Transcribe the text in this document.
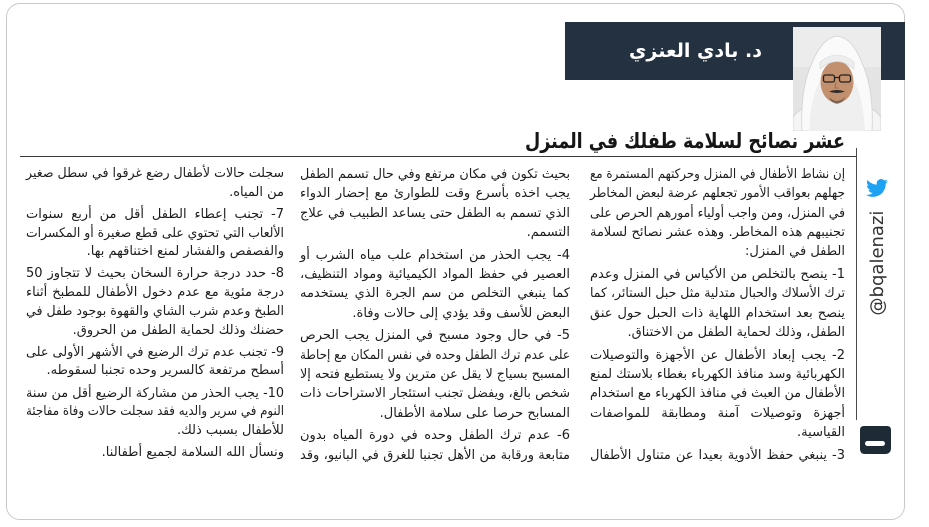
د. بادي العنزي
عشر نصائح لسلامة طفلك في المنزل
@bqalenazi
إن نشاط الأطفال في المنزل وحركتهم المستمرة مع
جهلهم بعواقب الأمور تجعلهم عرضة لبعض المخاطر
في المنزل، ومن واجب أولياء أمورهم الحرص على
تجنيبهم هذه المخاطر. وهذه عشر نصائح لسلامة
الطفل في المنزل:
1- ينصح بالتخلص من الأكياس في المنزل وعدم
ترك الأسلاك والحبال متدلية مثل حبل الستائر، كما
ينصح بعد استخدام اللهاية ذات الحبل حول عنق
الطفل، وذلك لحماية الطفل من الاختناق.
2- يجب إبعاد الأطفال عن الأجهزة والتوصيلات
الكهربائية وسد منافذ الكهرباء بغطاء بلاستك لمنع
الأطفال من العبث في منافذ الكهرباء مع استخدام
أجهزة وتوصيلات آمنة ومطابقة للمواصفات
القياسية.
3- ينبغي حفظ الأدوية بعيدا عن متناول الأطفال
بحيث تكون في مكان مرتفع وفي حال تسمم الطفل
يجب اخذه بأسرع وقت للطوارئ مع إحضار الدواء
الذي تسمم به الطفل حتى يساعد الطبيب في علاج
التسمم.
4- يجب الحذر من استخدام علب مياه الشرب أو
العصير في حفظ المواد الكيميائية ومواد التنظيف،
كما ينبغي التخلص من سم الجرة الذي يستخدمه
البعض للأسف وقد يؤدي إلى حالات وفاة.
5- في حال وجود مسبح في المنزل يجب الحرص
على عدم ترك الطفل وحده في نفس المكان مع إحاطة
المسبح بسياج لا يقل عن مترين ولا يستطيع فتحه إلا
شخص بالغ، ويفضل تجنب استئجار الاستراحات ذات
المسابح حرصا على سلامة الأطفال.
6- عدم ترك الطفل وحده في دورة المياه بدون
متابعة ورقابة من الأهل تجنبا للغرق في البانيو، وقد
سجلت حالات لأطفال رضع غرقوا في سطل صغير
من المياه.
7- تجنب إعطاء الطفل أقل من أربع سنوات
الألعاب التي تحتوي على قطع صغيرة أو المكسرات
والفصفص والفشار لمنع اختناقهم بها.
8- حدد درجة حرارة السخان بحيث لا تتجاوز 50
درجة مئوية مع عدم دخول الأطفال للمطبخ أثناء
الطبخ وعدم شرب الشاي والقهوة بوجود طفل في
حضنك وذلك لحماية الطفل من الحروق.
9- تجنب عدم ترك الرضيع في الأشهر الأولى على
أسطح مرتفعة كالسرير وحده تجنبا لسقوطه.
10- يجب الحذر من مشاركة الرضيع أقل من سنة
النوم في سرير والديه فقد سجلت حالات وفاة مفاجئة
للأطفال بسبب ذلك.
ونسأل الله السلامة لجميع أطفالنا.
